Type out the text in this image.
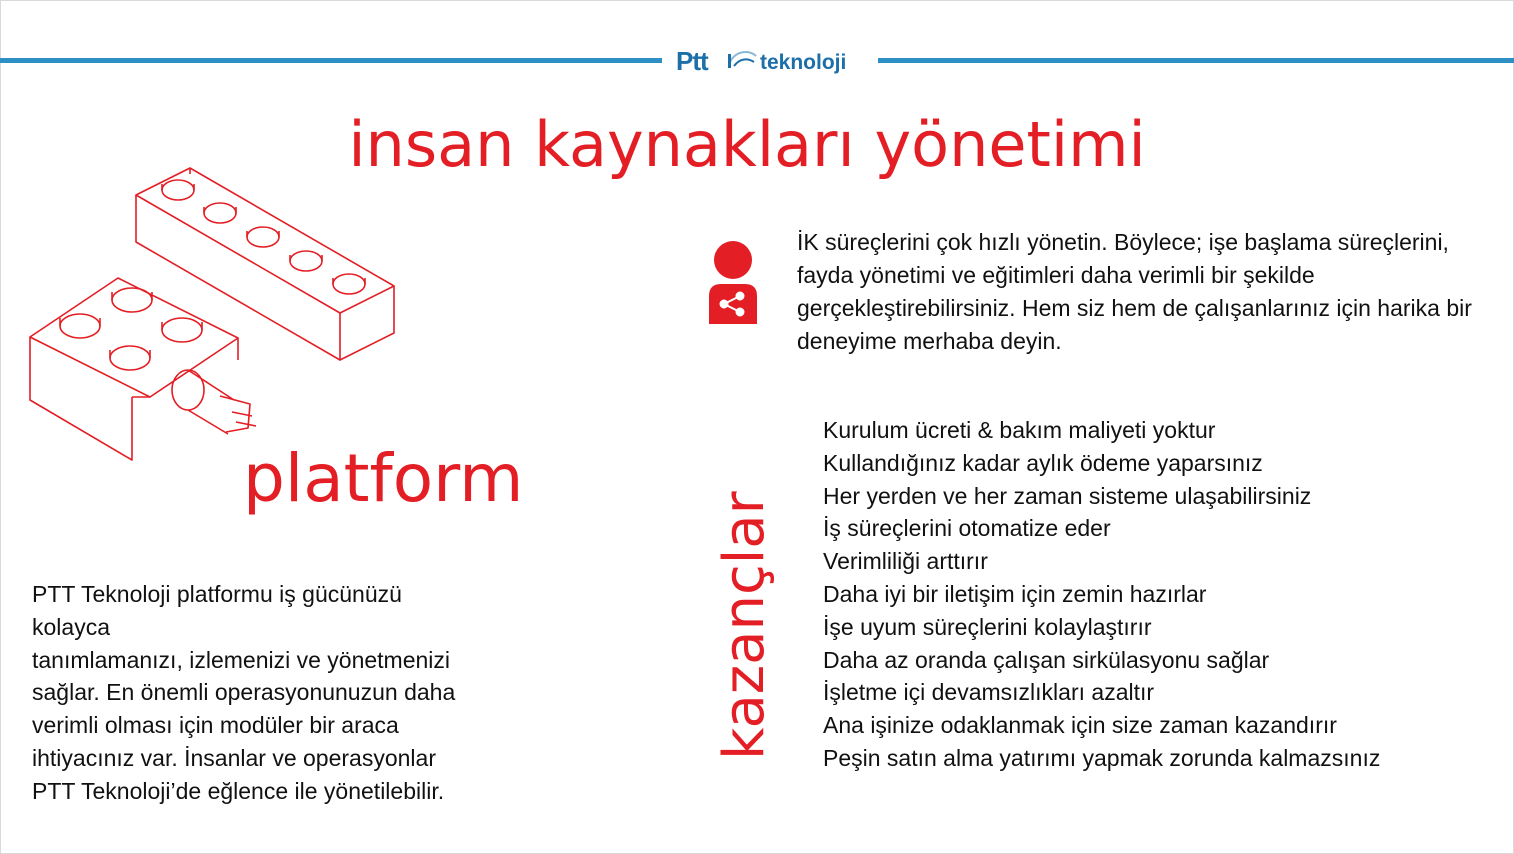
Ptt teknoloji
insan kaynakları yönetimi
platform
PTT Teknoloji platformu iş gücünüzü
kolayca
tanımlamanızı, izlemenizi ve yönetmenizi
sağlar. En önemli operasyonunuzun daha
verimli olması için modüler bir araca
ihtiyacınız var. İnsanlar ve operasyonlar
PTT Teknoloji’de eğlence ile yönetilebilir.

İK süreçlerini çok hızlı yönetin. Böylece; işe başlama süreçlerini, fayda yönetimi ve eğitimleri daha verimli bir şekilde gerçekleştirebilirsiniz. Hem siz hem de çalışanlarınız için harika bir deneyime merhaba deyin.

kazançlar
Kurulum ücreti & bakım maliyeti yoktur
Kullandığınız kadar aylık ödeme yaparsınız
Her yerden ve her zaman sisteme ulaşabilirsiniz
İş süreçlerini otomatize eder
Verimliliği arttırır
Daha iyi bir iletişim için zemin hazırlar
İşe uyum süreçlerini kolaylaştırır
Daha az oranda çalışan sirkülasyonu sağlar
İşletme içi devamsızlıkları azaltır
Ana işinize odaklanmak için size zaman kazandırır
Peşin satın alma yatırımı yapmak zorunda kalmazsınız
